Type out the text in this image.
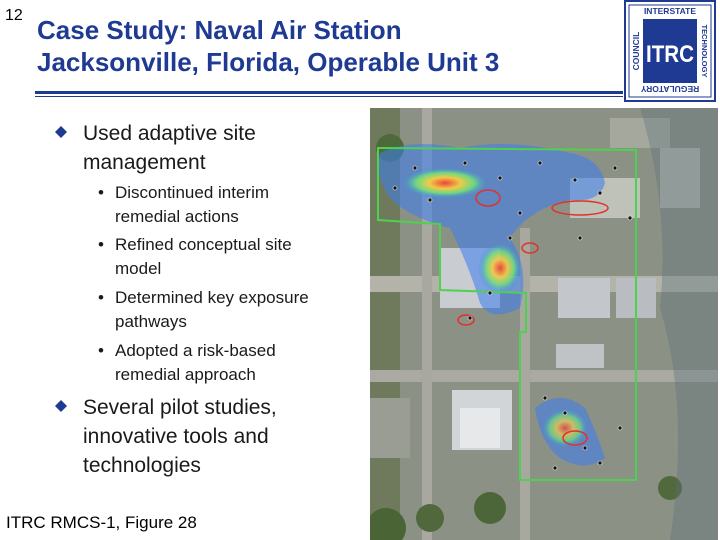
12 Case Study: Naval Air Station
Jacksonville, Florida, Operable Unit 3
INTERSTATE
REGULATORY
COUNCIL	TECHNOLOGY
ITRC
Used adaptive site
management
• Discontinued interim
remedial actions
• Refined conceptual site
model
• Determined key exposure
pathways
• Adopted a risk-based
remedial approach
Several pilot studies,
innovative tools and
technologies
ITRC RMCS-1, Figure 28
